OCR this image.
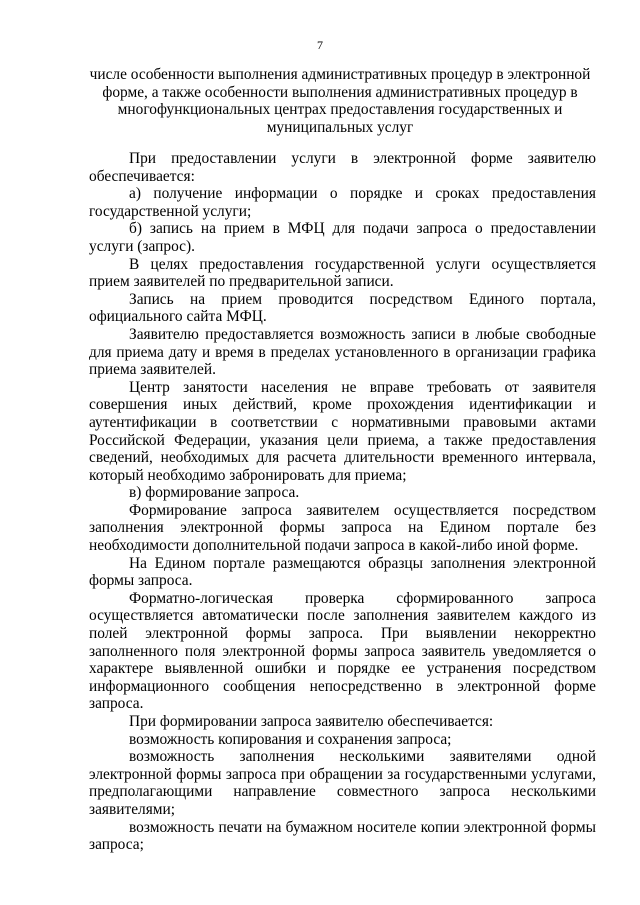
7
числе особенности выполнения административных процедур в электронной форме, а также особенности выполнения административных процедур в многофункциональных центрах предоставления государственных и муниципальных услуг

При предоставлении услуги в электронной форме заявителю обеспечивается:

а) получение информации о порядке и сроках предоставления государственной услуги;

б) запись на прием в МФЦ для подачи запроса о предоставлении услуги (запрос).

В целях предоставления государственной услуги осуществляется прием заявителей по предварительной записи.

Запись на прием проводится посредством Единого портала, официального сайта МФЦ.

Заявителю предоставляется возможность записи в любые свободные для приема дату и время в пределах установленного в организации графика приема заявителей.

Центр занятости населения не вправе требовать от заявителя совершения иных действий, кроме прохождения идентификации и аутентификации в соответствии с нормативными правовыми актами Российской Федерации, указания цели приема, а также предоставления сведений, необходимых для расчета длительности временного интервала, который необходимо забронировать для приема;

в) формирование запроса.

Формирование запроса заявителем осуществляется посредством заполнения электронной формы запроса на Едином портале без необходимости дополнительной подачи запроса в какой-либо иной форме.

На Едином портале размещаются образцы заполнения электронной формы запроса.

Форматно-логическая проверка сформированного запроса осуществляется автоматически после заполнения заявителем каждого из полей электронной формы запроса. При выявлении некорректно заполненного поля электронной формы запроса заявитель уведомляется о характере выявленной ошибки и порядке ее устранения посредством информационного сообщения непосредственно в электронной форме запроса.

При формировании запроса заявителю обеспечивается:

возможность копирования и сохранения запроса;

возможность заполнения несколькими заявителями одной электронной формы запроса при обращении за государственными услугами, предполагающими направление совместного запроса несколькими заявителями;

возможность печати на бумажном носителе копии электронной формы запроса;
